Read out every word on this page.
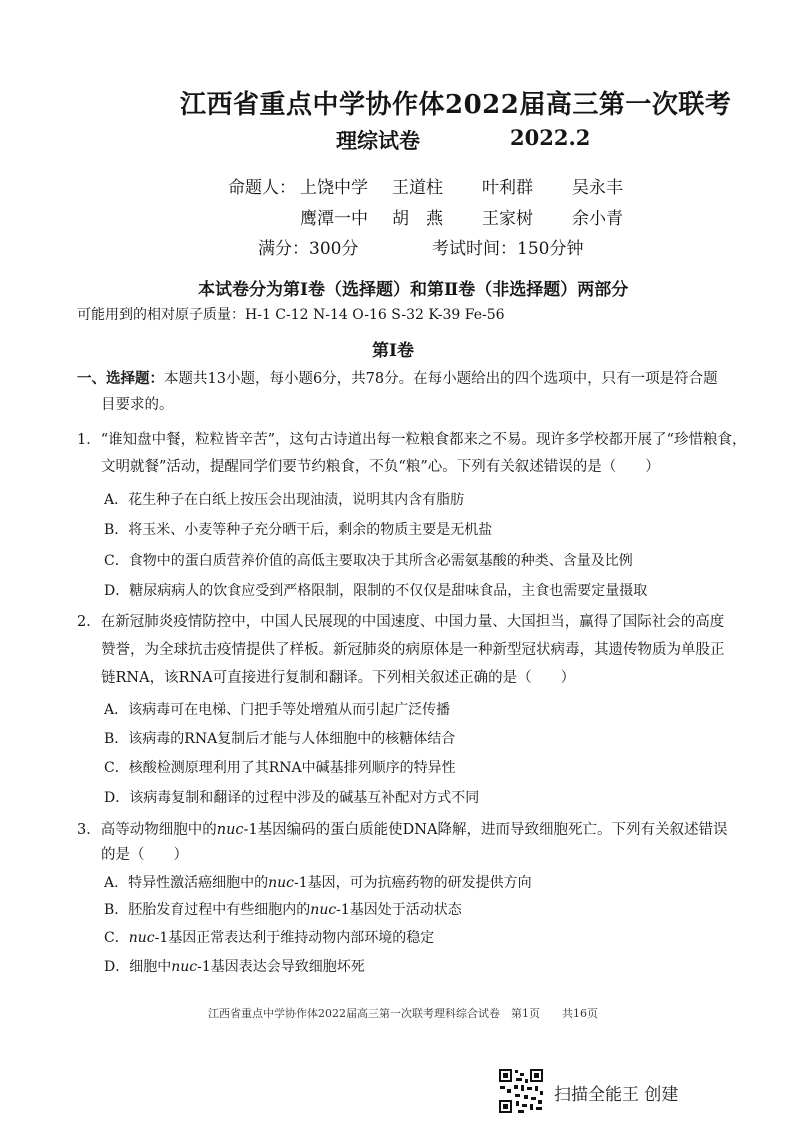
江西省重点中学协作体2022届高三第一次联考
理综试卷	2022.2
命题人： 上饶中学 王道柱 叶利群 吴永丰
鹰潭一中 胡　燕 王家树 余小青
满分：300分	考试时间：150分钟
本试卷分为第Ⅰ卷（选择题）和第Ⅱ卷（非选择题）两部分
可能用到的相对原子质量：H-1 C-12 N-14 O-16 S-32 K-39 Fe-56
第Ⅰ卷
一、选择题：本题共13小题，每小题6分，共78分。在每小题给出的四个选项中，只有一项是符合题
目要求的。
1．“谁知盘中餐，粒粒皆辛苦”，这句古诗道出每一粒粮食都来之不易。现许多学校都开展了“珍惜粮食，
文明就餐”活动，提醒同学们要节约粮食，不负“粮”心。下列有关叙述错误的是（　　）
A．花生种子在白纸上按压会出现油渍，说明其内含有脂肪
B．将玉米、小麦等种子充分晒干后，剩余的物质主要是无机盐
C．食物中的蛋白质营养价值的高低主要取决于其所含必需氨基酸的种类、含量及比例
D．糖尿病病人的饮食应受到严格限制，限制的不仅仅是甜味食品，主食也需要定量摄取
2．在新冠肺炎疫情防控中，中国人民展现的中国速度、中国力量、大国担当，赢得了国际社会的高度
赞誉，为全球抗击疫情提供了样板。新冠肺炎的病原体是一种新型冠状病毒，其遗传物质为单股正
链RNA，该RNA可直接进行复制和翻译。下列相关叙述正确的是（　　）
A．该病毒可在电梯、门把手等处增殖从而引起广泛传播
B．该病毒的RNA复制后才能与人体细胞中的核糖体结合
C．核酸检测原理利用了其RNA中碱基排列顺序的特异性
D．该病毒复制和翻译的过程中涉及的碱基互补配对方式不同
3．高等动物细胞中的nuc-1基因编码的蛋白质能使DNA降解，进而导致细胞死亡。下列有关叙述错误
的是（　　）
A．特异性激活癌细胞中的nuc-1基因，可为抗癌药物的研发提供方向
B．胚胎发育过程中有些细胞内的nuc-1基因处于活动状态
C．nuc-1基因正常表达利于维持动物内部环境的稳定
D．细胞中nuc-1基因表达会导致细胞坏死
江西省重点中学协作体2022届高三第一次联考理科综合试卷　第1页　　共16页
扫描全能王 创建
